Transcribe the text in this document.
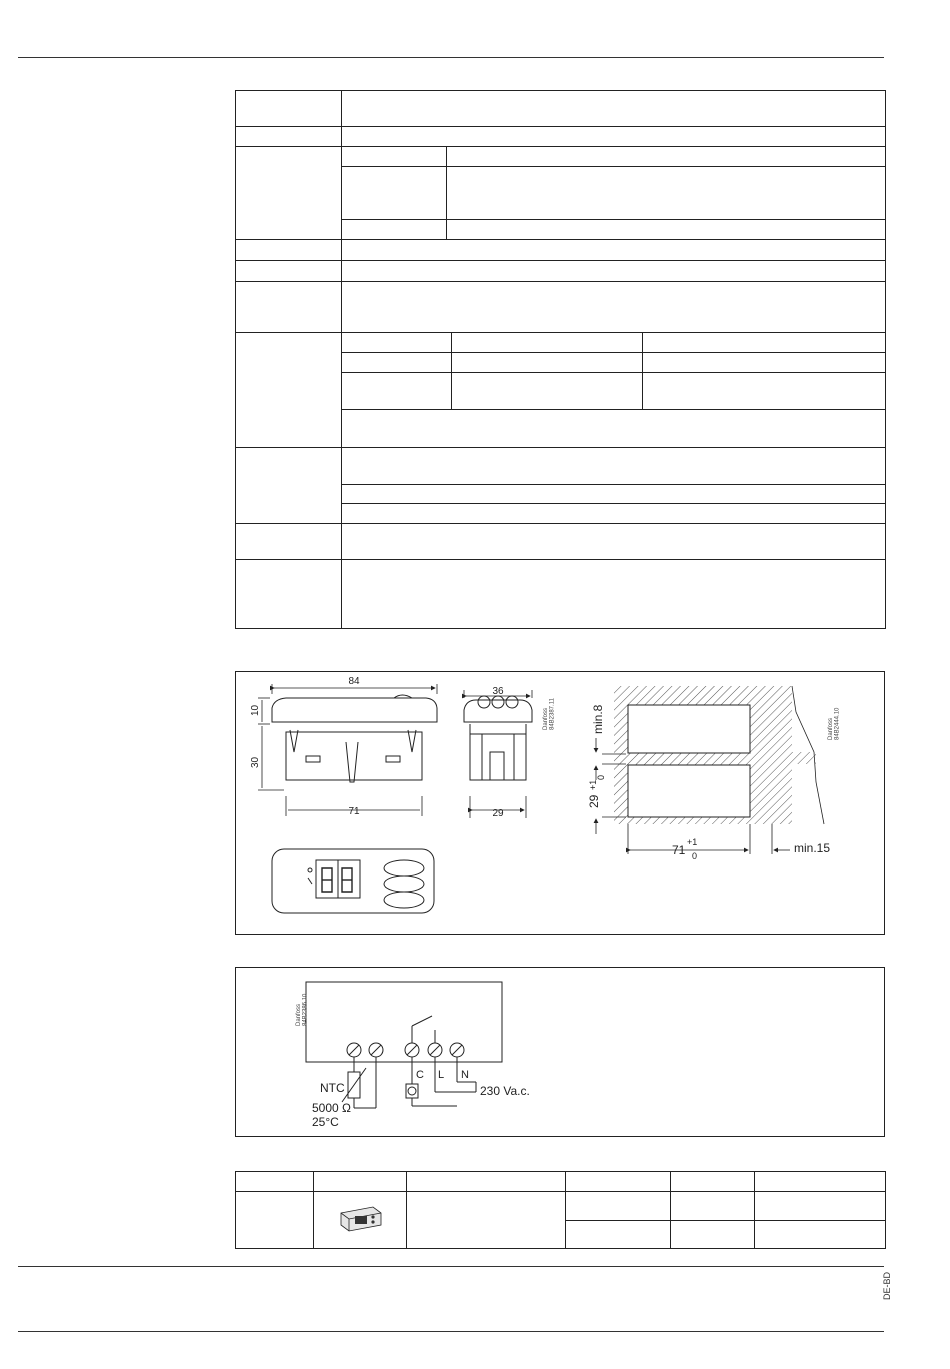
84
10
30
71
36
29
Danfoss84B2387.11	min.8
29
+1
0
71
+1
0
min.15
Danfoss84B2444.10
Danfoss84B2386.10
C L N
230 Va.c.
NTC
5000 Ω
25°C

DE-BD
